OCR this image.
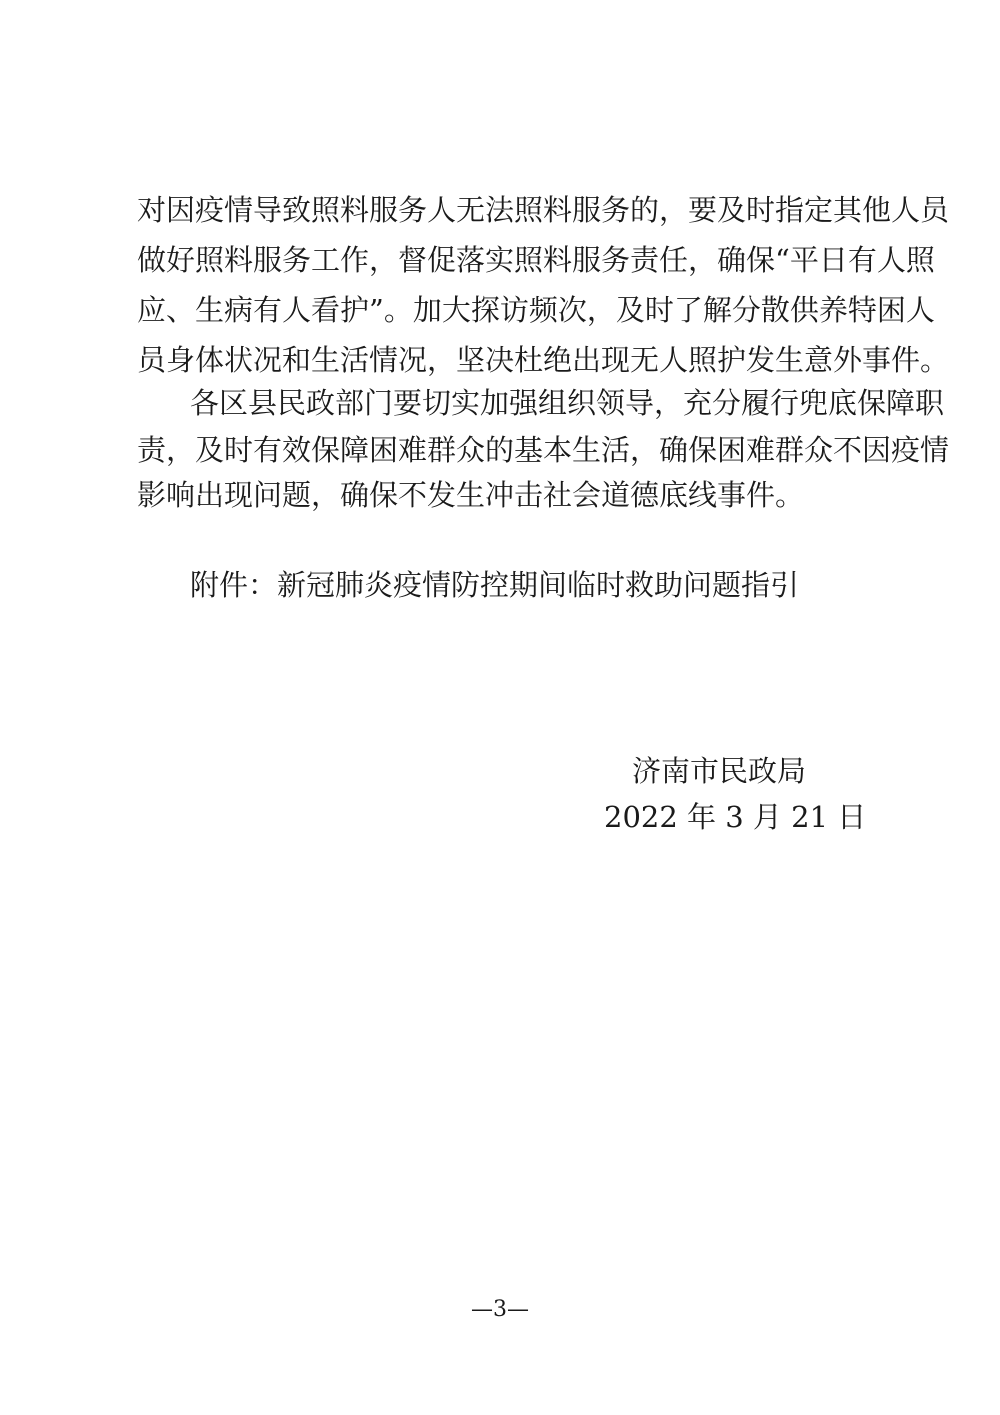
对因疫情导致照料服务人无法照料服务的，要及时指定其他人员
做好照料服务工作，督促落实照料服务责任，确保“平日有人照
应、生病有人看护”。加大探访频次，及时了解分散供养特困人
员身体状况和生活情况，坚决杜绝出现无人照护发生意外事件。
各区县民政部门要切实加强组织领导，充分履行兜底保障职
责，及时有效保障困难群众的基本生活，确保困难群众不因疫情
影响出现问题，确保不发生冲击社会道德底线事件。
附件：新冠肺炎疫情防控期间临时救助问题指引
济南市民政局
2022 年 3 月 21 日
—3—
